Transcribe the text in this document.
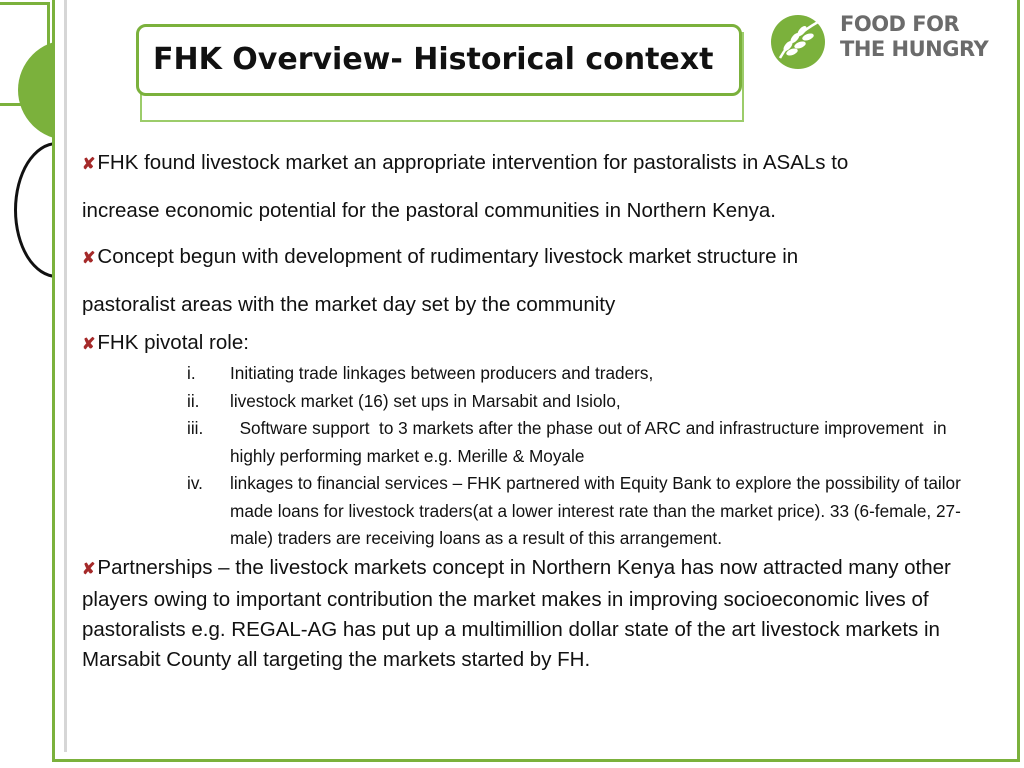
FHK Overview- Historical context
FOOD FOR
THE HUNGRY

✘FHK found livestock market an appropriate intervention for pastoralists in ASALs to

increase economic potential for the pastoral communities in Northern Kenya.

✘Concept begun with development of rudimentary livestock market structure in

pastoralist areas with the market day set by the community

✘FHK pivotal role:

i. Initiating trade linkages between producers and traders,
ii. livestock market (16) set ups in Marsabit and Isiolo,
iii. Software support  to 3 markets after the phase out of ARC and infrastructure improvement  in highly performing market e.g. Merille & Moyale
iv. linkages to financial services – FHK partnered with Equity Bank to explore the possibility of tailor made loans for livestock traders(at a lower interest rate than the market price). 33 (6-female, 27-male) traders are receiving loans as a result of this arrangement.

✘Partnerships – the livestock markets concept in Northern Kenya has now attracted many other players owing to important contribution the market makes in improving socioeconomic lives of pastoralists e.g. REGAL-AG has put up a multimillion dollar state of the art livestock markets in Marsabit County all targeting the markets started by FH.
